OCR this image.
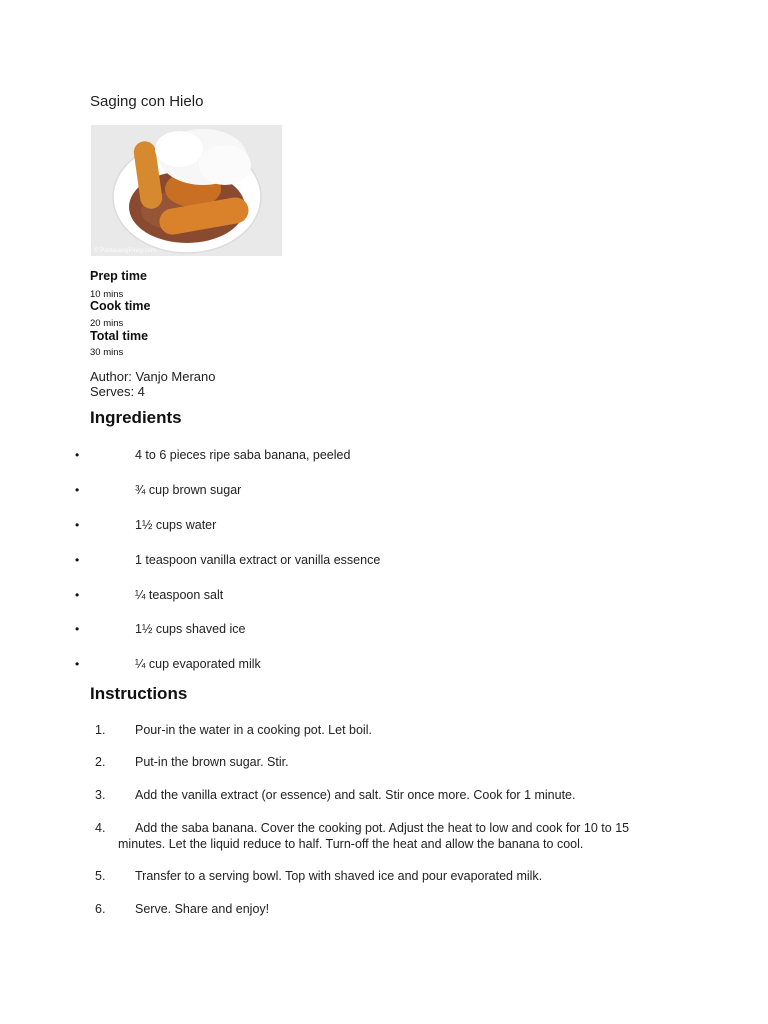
Saging con Hielo
© PanlasangPinoy.com
Prep time
10 mins
Cook time
20 mins
Total time
30 mins
Author: Vanjo Merano
Serves: 4
Ingredients
•	4 to 6 pieces ripe saba banana, peeled
•	¾ cup brown sugar
•	1½ cups water
•	1 teaspoon vanilla extract or vanilla essence
•	¼ teaspoon salt
•	1½ cups shaved ice
•	¼ cup evaporated milk
Instructions
1. Pour-in the water in a cooking pot. Let boil.
2. Put-in the brown sugar. Stir.
3. Add the vanilla extract (or essence) and salt. Stir once more. Cook for 1 minute.
4. Add the saba banana. Cover the cooking pot. Adjust the heat to low and cook for 10 to 15
minutes. Let the liquid reduce to half. Turn-off the heat and allow the banana to cool.
5. Transfer to a serving bowl. Top with shaved ice and pour evaporated milk.
6. Serve. Share and enjoy!
